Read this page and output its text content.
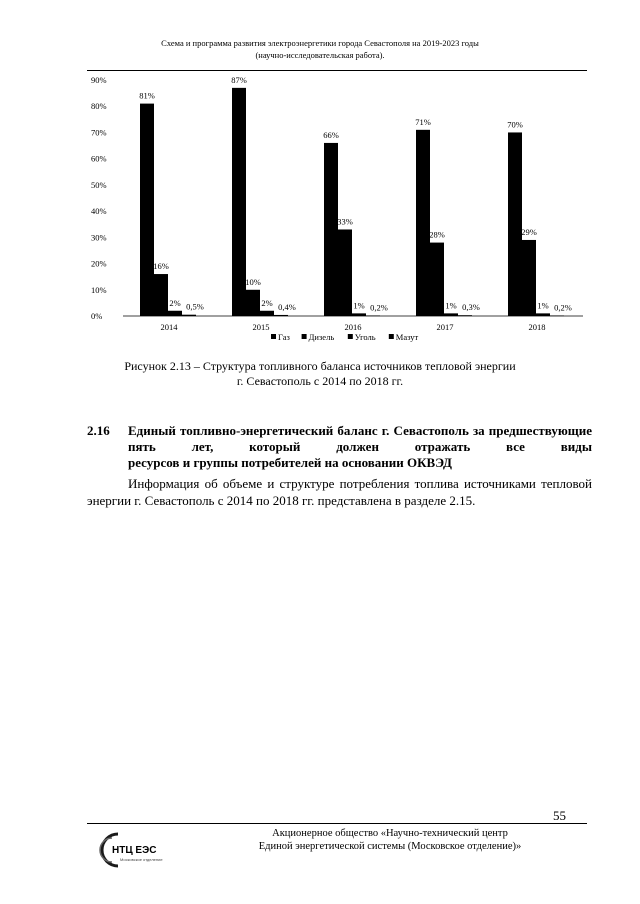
Схема и программа развития электроэнергетики города Севастополя на 2019-2023 годы
(научно-исследовательская работа).
0%
10%
20%
30%
40%
50%
60%
70%
80%
90%
2014
81%
16%
2% 0,5%
2015
87%
10%
2% 0,4%
2016
66%
33%
1% 0,2%
2017
71%
28%
1% 0,3%
2018
70%
29%
1% 0,2%
Газ Дизель Уголь Мазут
Рисунок 2.13 – Структура топливного баланса источников тепловой энергии
г. Севастополь с 2014 по 2018 гг.
2.16 Единый топливно-энергетический баланс г. Севастополь за предшествующие пять лет, который должен отражать все виды
ресурсов и группы потребителей на основании ОКВЭД
Информация об объеме и структуре потребления топлива источниками тепловой энергии г. Севастополь с 2014 по 2018 гг. представлена в разделе 2.15.
55
НТЦ ЕЭС
Московское отделение
Акционерное общество «Научно-технический центр
Единой энергетической системы (Московское отделение)»
